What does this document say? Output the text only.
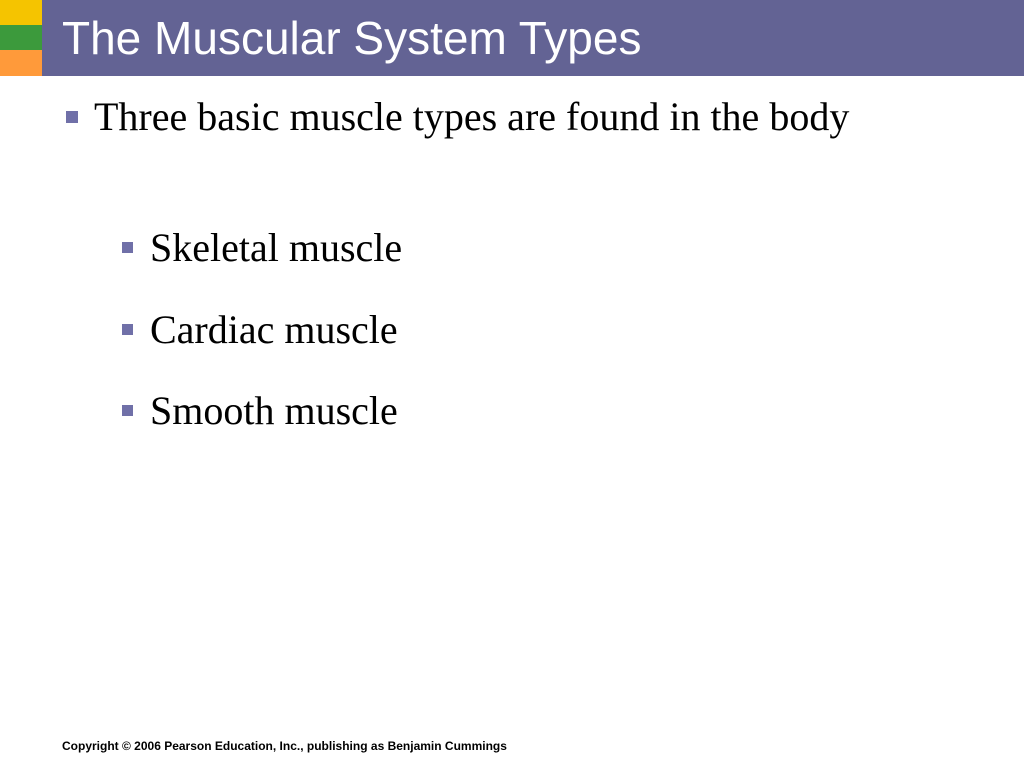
The Muscular System Types
Three basic muscle types are found in the body
Skeletal muscle
Cardiac muscle
Smooth muscle
Copyright © 2006 Pearson Education, Inc., publishing as Benjamin Cummings
